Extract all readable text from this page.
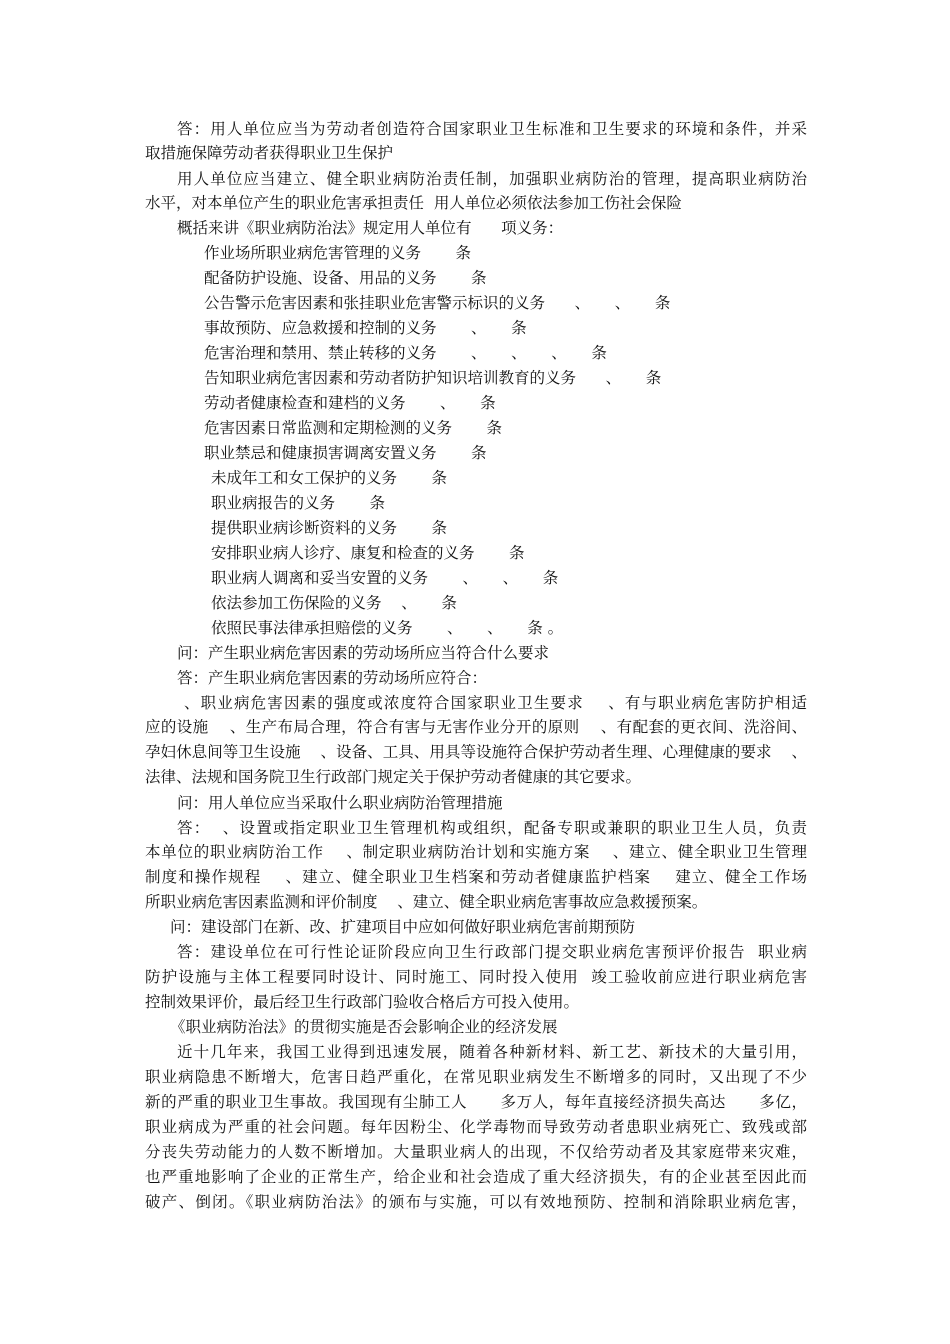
答：用人单位应当为劳动者创造符合国家职业卫生标准和卫生要求的环境和条件，并采

取措施保障劳动者获得职业卫生保护

用人单位应当建立、健全职业病防治责任制，加强职业病防治的管理，提高职业病防治

水平，对本单位产生的职业危害承担责任  用人单位必须依法参加工伤社会保险

概括来讲《职业病防治法》规定用人单位有      项义务：

作业场所职业病危害管理的义务       条

配备防护设施、设备、用品的义务       条

公告警示危害因素和张挂职业危害警示标识的义务      、     、     条

事故预防、应急救援和控制的义务       、     条

危害治理和禁用、禁止转移的义务       、     、     、     条

告知职业病危害因素和劳动者防护知识培训教育的义务      、     条

劳动者健康检查和建档的义务       、     条

危害因素日常监测和定期检测的义务       条

职业禁忌和健康损害调离安置义务       条

未成年工和女工保护的义务       条

职业病报告的义务       条

提供职业病诊断资料的义务       条

安排职业病人诊疗、康复和检查的义务       条

职业病人调离和妥当安置的义务       、     、     条

依法参加工伤保险的义务    、     条

依照民事法律承担赔偿的义务       、     、     条 。

问：产生职业病危害因素的劳动场所应当符合什么要求

答：产生职业病危害因素的劳动场所应符合：

、职业病危害因素的强度或浓度符合国家职业卫生要求    、有与职业病危害防护相适

应的设施    、生产布局合理，符合有害与无害作业分开的原则    、有配套的更衣间、洗浴间、

孕妇休息间等卫生设施    、设备、工具、用具等设施符合保护劳动者生理、心理健康的要求    、

法律、法规和国务院卫生行政部门规定关于保护劳动者健康的其它要求。

问：用人单位应当采取什么职业病防治管理措施

答：  、设置或指定职业卫生管理机构或组织，配备专职或兼职的职业卫生人员，负责

本单位的职业病防治工作    、制定职业病防治计划和实施方案    、建立、健全职业卫生管理

制度和操作规程    、建立、健全职业卫生档案和劳动者健康监护档案    建立、健全工作场

所职业病危害因素监测和评价制度    、建立、健全职业病危害事故应急救援预案。

问：建设部门在新、改、扩建项目中应如何做好职业病危害前期预防

答：建设单位在可行性论证阶段应向卫生行政部门提交职业病危害预评价报告  职业病

防护设施与主体工程要同时设计、同时施工、同时投入使用  竣工验收前应进行职业病危害

控制效果评价，最后经卫生行政部门验收合格后方可投入使用。

《职业病防治法》的贯彻实施是否会影响企业的经济发展

近十几年来，我国工业得到迅速发展，随着各种新材料、新工艺、新技术的大量引用，

职业病隐患不断增大，危害日趋严重化，在常见职业病发生不断增多的同时，又出现了不少

新的严重的职业卫生事故。我国现有尘肺工人      多万人，每年直接经济损失高达      多亿，

职业病成为严重的社会问题。每年因粉尘、化学毒物而导致劳动者患职业病死亡、致残或部

分丧失劳动能力的人数不断增加。大量职业病人的出现，不仅给劳动者及其家庭带来灾难，

也严重地影响了企业的正常生产，给企业和社会造成了重大经济损失，有的企业甚至因此而

破产、倒闭。《职业病防治法》的颁布与实施，可以有效地预防、控制和消除职业病危害，
